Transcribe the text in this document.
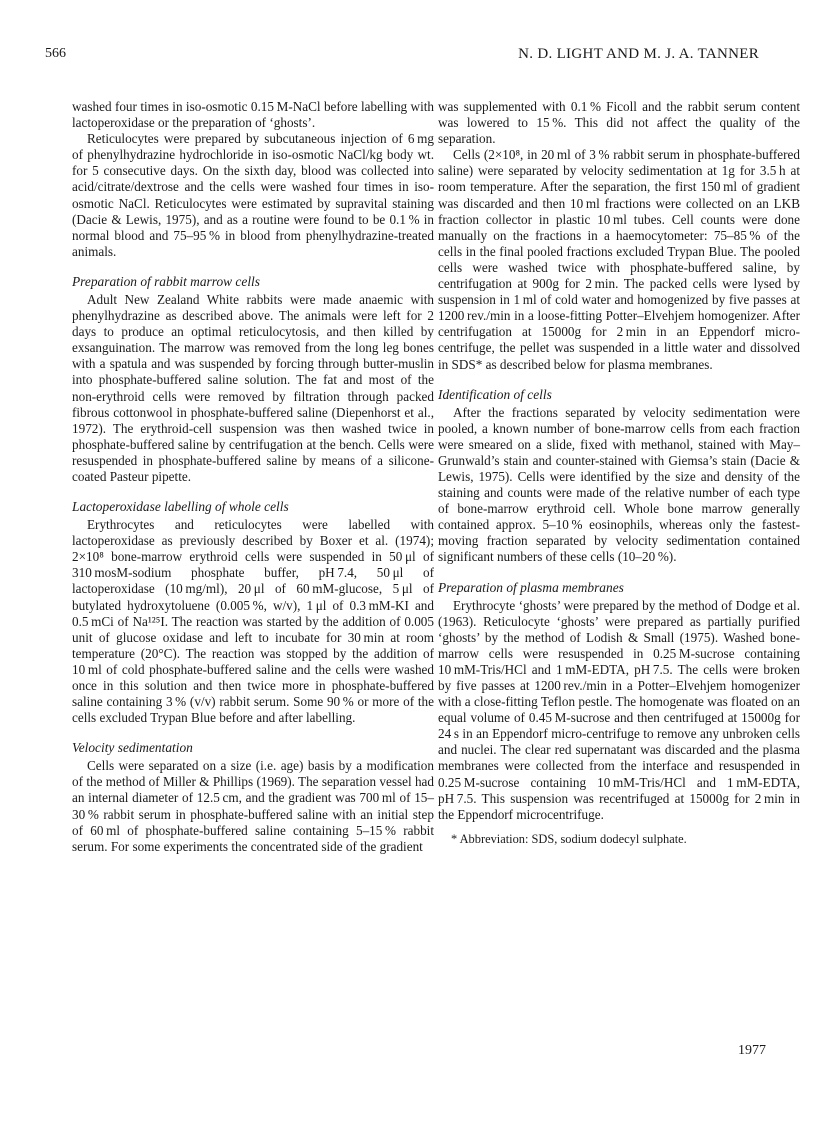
566	N. D. LIGHT AND M. J. A. TANNER

washed four times in iso-osmotic 0.15 M-NaCl before labelling with lactoperoxidase or the preparation of ‘ghosts’.

Reticulocytes were prepared by subcutaneous injection of 6 mg of phenylhydrazine hydrochloride in iso-osmotic NaCl/kg body wt. for 5 consecutive days. On the sixth day, blood was collected into acid/citrate/dextrose and the cells were washed four times in iso-osmotic NaCl. Reticulocytes were estimated by supravital staining (Dacie & Lewis, 1975), and as a routine were found to be 0.1 % in normal blood and 75–95 % in blood from phenylhydrazine-treated animals.

Preparation of rabbit marrow cells

Adult New Zealand White rabbits were made anaemic with phenylhydrazine as described above. The animals were left for 2 days to produce an optimal reticulocytosis, and then killed by exsanguination. The marrow was removed from the long leg bones with a spatula and was suspended by forcing through butter-muslin into phosphate-buffered saline solution. The fat and most of the non-erythroid cells were removed by filtration through packed fibrous cottonwool in phosphate-buffered saline (Diepenhorst et al., 1972). The erythroid-cell suspension was then washed twice in phosphate-buffered saline by centrifugation at the bench. Cells were resuspended in phosphate-buffered saline by means of a silicone-coated Pasteur pipette.

Lactoperoxidase labelling of whole cells

Erythrocytes and reticulocytes were labelled with lactoperoxidase as previously described by Boxer et al. (1974); 2×10⁸ bone-marrow erythroid cells were suspended in 50 μl of 310 mosM-sodium phosphate buffer, pH 7.4, 50 μl of lactoperoxidase (10 mg/ml), 20 μl of 60 mM-glucose, 5 μl of butylated hydroxytoluene (0.005 %, w/v), 1 μl of 0.3 mM-KI and 0.5 mCi of Na¹²⁵I. The reaction was started by the addition of 0.005 unit of glucose oxidase and left to incubate for 30 min at room temperature (20°C). The reaction was stopped by the addition of 10 ml of cold phosphate-buffered saline and the cells were washed once in this solution and then twice more in phosphate-buffered saline containing 3 % (v/v) rabbit serum. Some 90 % or more of the cells excluded Trypan Blue before and after labelling.

Velocity sedimentation

Cells were separated on a size (i.e. age) basis by a modification of the method of Miller & Phillips (1969). The separation vessel had an internal diameter of 12.5 cm, and the gradient was 700 ml of 15–30 % rabbit serum in phosphate-buffered saline with an initial step of 60 ml of phosphate-buffered saline containing 5–15 % rabbit serum. For some experiments the concentrated side of the gradient

was supplemented with 0.1 % Ficoll and the rabbit serum content was lowered to 15 %. This did not affect the quality of the separation.

Cells (2×10⁸, in 20 ml of 3 % rabbit serum in phosphate-buffered saline) were separated by velocity sedimentation at 1g for 3.5 h at room temperature. After the separation, the first 150 ml of gradient was discarded and then 10 ml fractions were collected on an LKB fraction collector in plastic 10 ml tubes. Cell counts were done manually on the fractions in a haemocytometer: 75–85 % of the cells in the final pooled fractions excluded Trypan Blue. The pooled cells were washed twice with phosphate-buffered saline, by centrifugation at 900g for 2 min. The packed cells were lysed by suspension in 1 ml of cold water and homogenized by five passes at 1200 rev./min in a loose-fitting Potter–Elvehjem homogenizer. After centrifugation at 15000g for 2 min in an Eppendorf micro-centrifuge, the pellet was suspended in a little water and dissolved in SDS* as described below for plasma membranes.

Identification of cells

After the fractions separated by velocity sedimentation were pooled, a known number of bone-marrow cells from each fraction were smeared on a slide, fixed with methanol, stained with May–Grunwald’s stain and counter-stained with Giemsa’s stain (Dacie & Lewis, 1975). Cells were identified by the size and density of the staining and counts were made of the relative number of each type of bone-marrow erythroid cell. Whole bone marrow generally contained approx. 5–10 % eosinophils, whereas only the fastest-moving fraction separated by velocity sedimentation contained significant numbers of these cells (10–20 %).

Preparation of plasma membranes

Erythrocyte ‘ghosts’ were prepared by the method of Dodge et al. (1963). Reticulocyte ‘ghosts’ were prepared as partially purified ‘ghosts’ by the method of Lodish & Small (1975). Washed bone-marrow cells were resuspended in 0.25 M-sucrose containing 10 mM-Tris/HCl and 1 mM-EDTA, pH 7.5. The cells were broken by five passes at 1200 rev./min in a Potter–Elvehjem homogenizer with a close-fitting Teflon pestle. The homogenate was floated on an equal volume of 0.45 M-sucrose and then centrifuged at 15000g for 24 s in an Eppendorf micro-centrifuge to remove any unbroken cells and nuclei. The clear red supernatant was discarded and the plasma membranes were collected from the interface and resuspended in 0.25 M-sucrose containing 10 mM-Tris/HCl and 1 mM-EDTA, pH 7.5. This suspension was recentrifuged at 15000g for 2 min in the Eppendorf microcentrifuge.

* Abbreviation: SDS, sodium dodecyl sulphate.
1977
